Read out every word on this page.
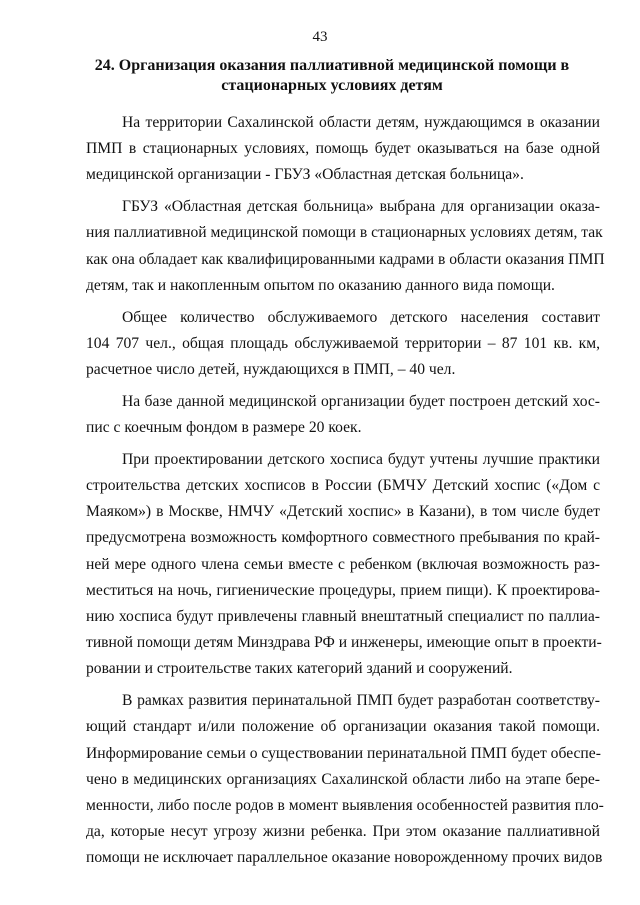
43
24. Организация оказания паллиативной медицинской помощи в
стационарных условиях детям
На территории Сахалинской области детям, нуждающимся в оказании
ПМП в стационарных условиях, помощь будет оказываться на базе одной
медицинской организации - ГБУЗ «Областная детская больница».
ГБУЗ «Областная детская больница» выбрана для организации оказа-
ния паллиативной медицинской помощи в стационарных условиях детям, так
как она обладает как квалифицированными кадрами в области оказания ПМП
детям, так и накопленным опытом по оказанию данного вида помощи.
Общее количество обслуживаемого детского населения составит
104 707 чел., общая площадь обслуживаемой территории – 87 101 кв. км,
расчетное число детей, нуждающихся в ПМП, – 40 чел.
На базе данной медицинской организации будет построен детский хос-
пис с коечным фондом в размере 20 коек.
При проектировании детского хосписа будут учтены лучшие практики
строительства детских хосписов в России (БМЧУ Детский хоспис («Дом с
Маяком») в Москве, НМЧУ «Детский хоспис» в Казани), в том числе будет
предусмотрена возможность комфортного совместного пребывания по край-
ней мере одного члена семьи вместе с ребенком (включая возможность раз-
меститься на ночь, гигиенические процедуры, прием пищи). К проектирова-
нию хосписа будут привлечены главный внештатный специалист по паллиа-
тивной помощи детям Минздрава РФ и инженеры, имеющие опыт в проекти-
ровании и строительстве таких категорий зданий и сооружений.
В рамках развития перинатальной ПМП будет разработан соответству-
ющий стандарт и/или положение об организации оказания такой помощи.
Информирование семьи о существовании перинатальной ПМП будет обеспе-
чено в медицинских организациях Сахалинской области либо на этапе бере-
менности, либо после родов в момент выявления особенностей развития пло-
да, которые несут угрозу жизни ребенка. При этом оказание паллиативной
помощи не исключает параллельное оказание новорожденному прочих видов
